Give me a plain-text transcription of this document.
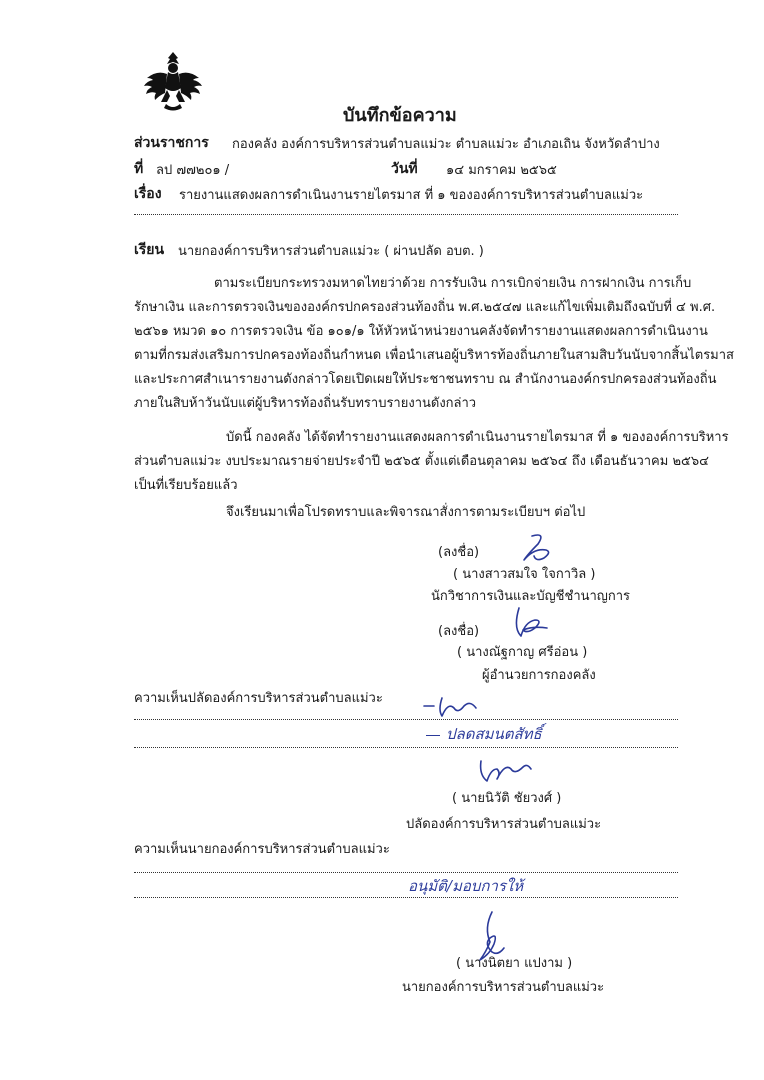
บันทึกข้อความ
ส่วนราชการ กองคลัง องค์การบริหารส่วนตำบลแม่วะ ตำบลแม่วะ อำเภอเถิน จังหวัดลำปาง
ที่ ลป ๗๗๒๐๑ /	วันที่ ๑๔ มกราคม ๒๕๖๕
เรื่อง รายงานแสดงผลการดำเนินงานรายไตรมาส ที่ ๑ ขององค์การบริหารส่วนตำบลแม่วะ
เรียน นายกองค์การบริหารส่วนตำบลแม่วะ ( ผ่านปลัด อบต. )
ตามระเบียบกระทรวงมหาดไทยว่าด้วย การรับเงิน การเบิกจ่ายเงิน การฝากเงิน การเก็บ
รักษาเงิน และการตรวจเงินขององค์กรปกครองส่วนท้องถิ่น พ.ศ.๒๕๔๗ และแก้ไขเพิ่มเติมถึงฉบับที่ ๔ พ.ศ.
๒๕๖๑ หมวด ๑๐ การตรวจเงิน ข้อ ๑๐๑/๑ ให้หัวหน้าหน่วยงานคลังจัดทำรายงานแสดงผลการดำเนินงาน
ตามที่กรมส่งเสริมการปกครองท้องถิ่นกำหนด เพื่อนำเสนอผู้บริหารท้องถิ่นภายในสามสิบวันนับจากสิ้นไตรมาส
และประกาศสำเนารายงานดังกล่าวโดยเปิดเผยให้ประชาชนทราบ ณ สำนักงานองค์กรปกครองส่วนท้องถิ่น
ภายในสิบห้าวันนับแต่ผู้บริหารท้องถิ่นรับทราบรายงานดังกล่าว
บัดนี้ กองคลัง ได้จัดทำรายงานแสดงผลการดำเนินงานรายไตรมาส ที่ ๑ ขององค์การบริหาร
ส่วนตำบลแม่วะ งบประมาณรายจ่ายประจำปี ๒๕๖๕ ตั้งแต่เดือนตุลาคม ๒๕๖๔ ถึง เดือนธันวาคม ๒๕๖๔
เป็นที่เรียบร้อยแล้ว
จึงเรียนมาเพื่อโปรดทราบและพิจารณาสั่งการตามระเบียบฯ ต่อไป
(ลงชื่อ)
( นางสาวสมใจ ใจกาวิล )
นักวิชาการเงินและบัญชีชำนาญการ
(ลงชื่อ)
( นางณัฐกาญ ศรีอ่อน )
ผู้อำนวยการกองคลัง
ความเห็นปลัดองค์การบริหารส่วนตำบลแม่วะ
ปลดสมนตสัทธิ์
( นายนิวัติ ชัยวงศ์ )
ปลัดองค์การบริหารส่วนตำบลแม่วะ
ความเห็นนายกองค์การบริหารส่วนตำบลแม่วะ
อนุมัติ/มอบการให้
( นางนิตยา แปงาม )
นายกองค์การบริหารส่วนตำบลแม่วะ
